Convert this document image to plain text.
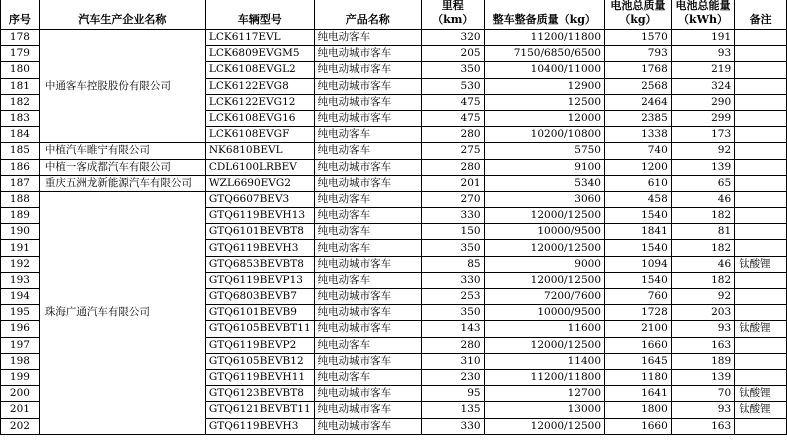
序号	汽车生产企业名称	车辆型号	产品名称	里程（km）	整车整备质量（kg）	电池总质量（kg）	电池总能量（kWh）	备注
178	中通客车控股股份有限公司	LCK6117EVL	纯电动客车	320	11200/11800	1570	191	
179		LCK6809EVGM5	纯电动城市客车	205	7150/6850/6500	793	93	
180		LCK6108EVGL2	纯电动城市客车	350	10400/11000	1768	219	
181		LCK6122EVG8	纯电动城市客车	530	12900	2568	324	
182		LCK6122EVG12	纯电动城市客车	475	12500	2464	290	
183		LCK6108EVG16	纯电动城市客车	475	12000	2385	299	
184		LCK6108EVGF	纯电动客车	280	10200/10800	1338	173	
185	中植汽车睢宁有限公司	NK6810BEVL	纯电动客车	275	5750	740	92	
186	中植一客成都汽车有限公司	CDL6100LRBEV	纯电动城市客车	280	9100	1200	139	
187	重庆五洲龙新能源汽车有限公司	WZL6690EVG2	纯电动城市客车	201	5340	610	65	
188	珠海广通汽车有限公司	GTQ6607BEV3	纯电动客车	270	3060	458	46	
189		GTQ6119BEVH13	纯电动客车	330	12000/12500	1540	182	
190		GTQ6101BEVBT8	纯电动客车	150	10000/9500	1841	81	
191		GTQ6119BEVH3	纯电动客车	350	12000/12500	1540	182	
192		GTQ6853BEVBT8	纯电动城市客车	85	9000	1094	46	钛酸锂
193		GTQ6119BEVP13	纯电动客车	330	12000/12500	1540	182	
194		GTQ6803BEVB7	纯电动城市客车	253	7200/7600	760	92	
195		GTQ6101BEVB9	纯电动城市客车	350	10000/9500	1728	203	
196		GTQ6105BEVBT11	纯电动城市客车	143	11600	2100	93	钛酸锂
197		GTQ6119BEVP2	纯电动客车	280	12000/12500	1660	163	
198		GTQ6105BEVB12	纯电动城市客车	310	11400	1645	189	
199		GTQ6119BEVH11	纯电动客车	230	11200/11800	1180	139	
200		GTQ6123BEVBT8	纯电动城市客车	95	12700	1641	70	钛酸锂
201		GTQ6121BEVBT11	纯电动城市客车	135	13000	1800	93	钛酸锂
202		GTQ6119BEVH3	纯电动城市客车	330	12000/12500	1660	163	
